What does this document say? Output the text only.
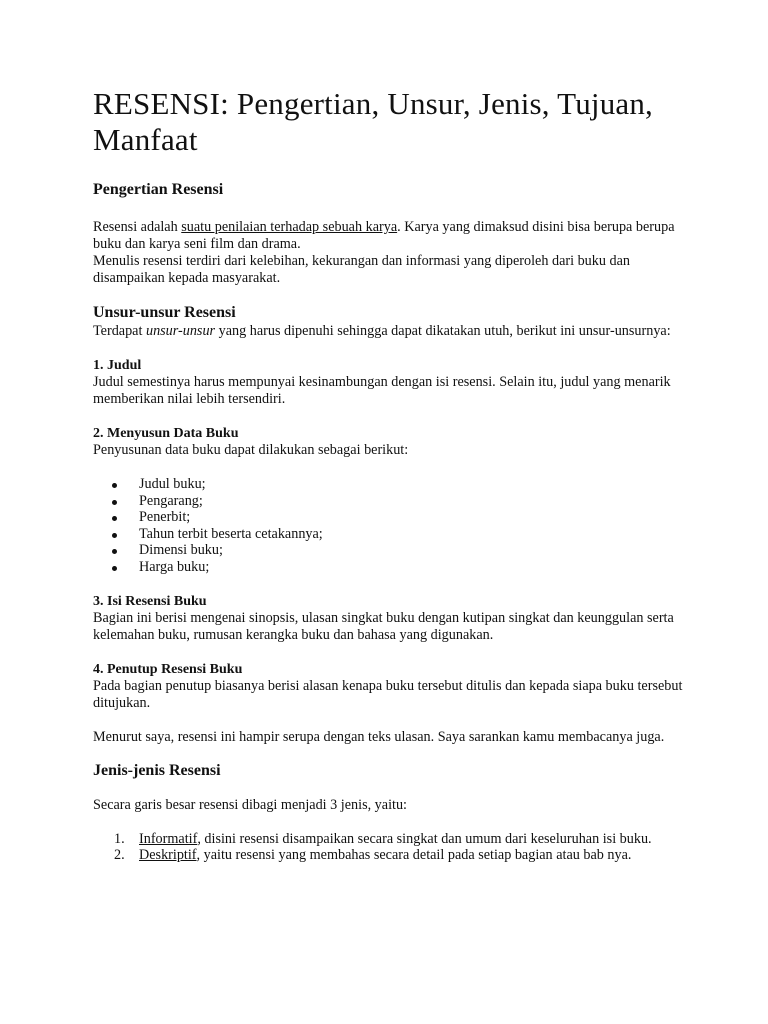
RESENSI: Pengertian, Unsur, Jenis, Tujuan, Manfaat
Pengertian Resensi

Resensi adalah suatu penilaian terhadap sebuah karya. Karya yang dimaksud disini bisa berupa berupa buku dan karya seni film dan drama.

Menulis resensi terdiri dari kelebihan, kekurangan dan informasi yang diperoleh dari buku dan disampaikan kepada masyarakat.

Unsur-unsur Resensi

Terdapat unsur-unsur yang harus dipenuhi sehingga dapat dikatakan utuh, berikut ini unsur-unsurnya:

1. Judul

Judul semestinya harus mempunyai kesinambungan dengan isi resensi. Selain itu, judul yang menarik memberikan nilai lebih tersendiri.

2. Menyusun Data Buku

Penyusunan data buku dapat dilakukan sebagai berikut:

Judul buku;
Pengarang;
Penerbit;
Tahun terbit beserta cetakannya;
Dimensi buku;
Harga buku;
3. Isi Resensi Buku

Bagian ini berisi mengenai sinopsis, ulasan singkat buku dengan kutipan singkat dan keunggulan serta kelemahan buku, rumusan kerangka buku dan bahasa yang digunakan.

4. Penutup Resensi Buku

Pada bagian penutup biasanya berisi alasan kenapa buku tersebut ditulis dan kepada siapa buku tersebut ditujukan.

Menurut saya, resensi ini hampir serupa dengan teks ulasan. Saya sarankan kamu membacanya juga.

Jenis-jenis Resensi

Secara garis besar resensi dibagi menjadi 3 jenis, yaitu:

1. Informatif, disini resensi disampaikan secara singkat dan umum dari keseluruhan isi buku.
2. Deskriptif, yaitu resensi yang membahas secara detail pada setiap bagian atau bab nya.
